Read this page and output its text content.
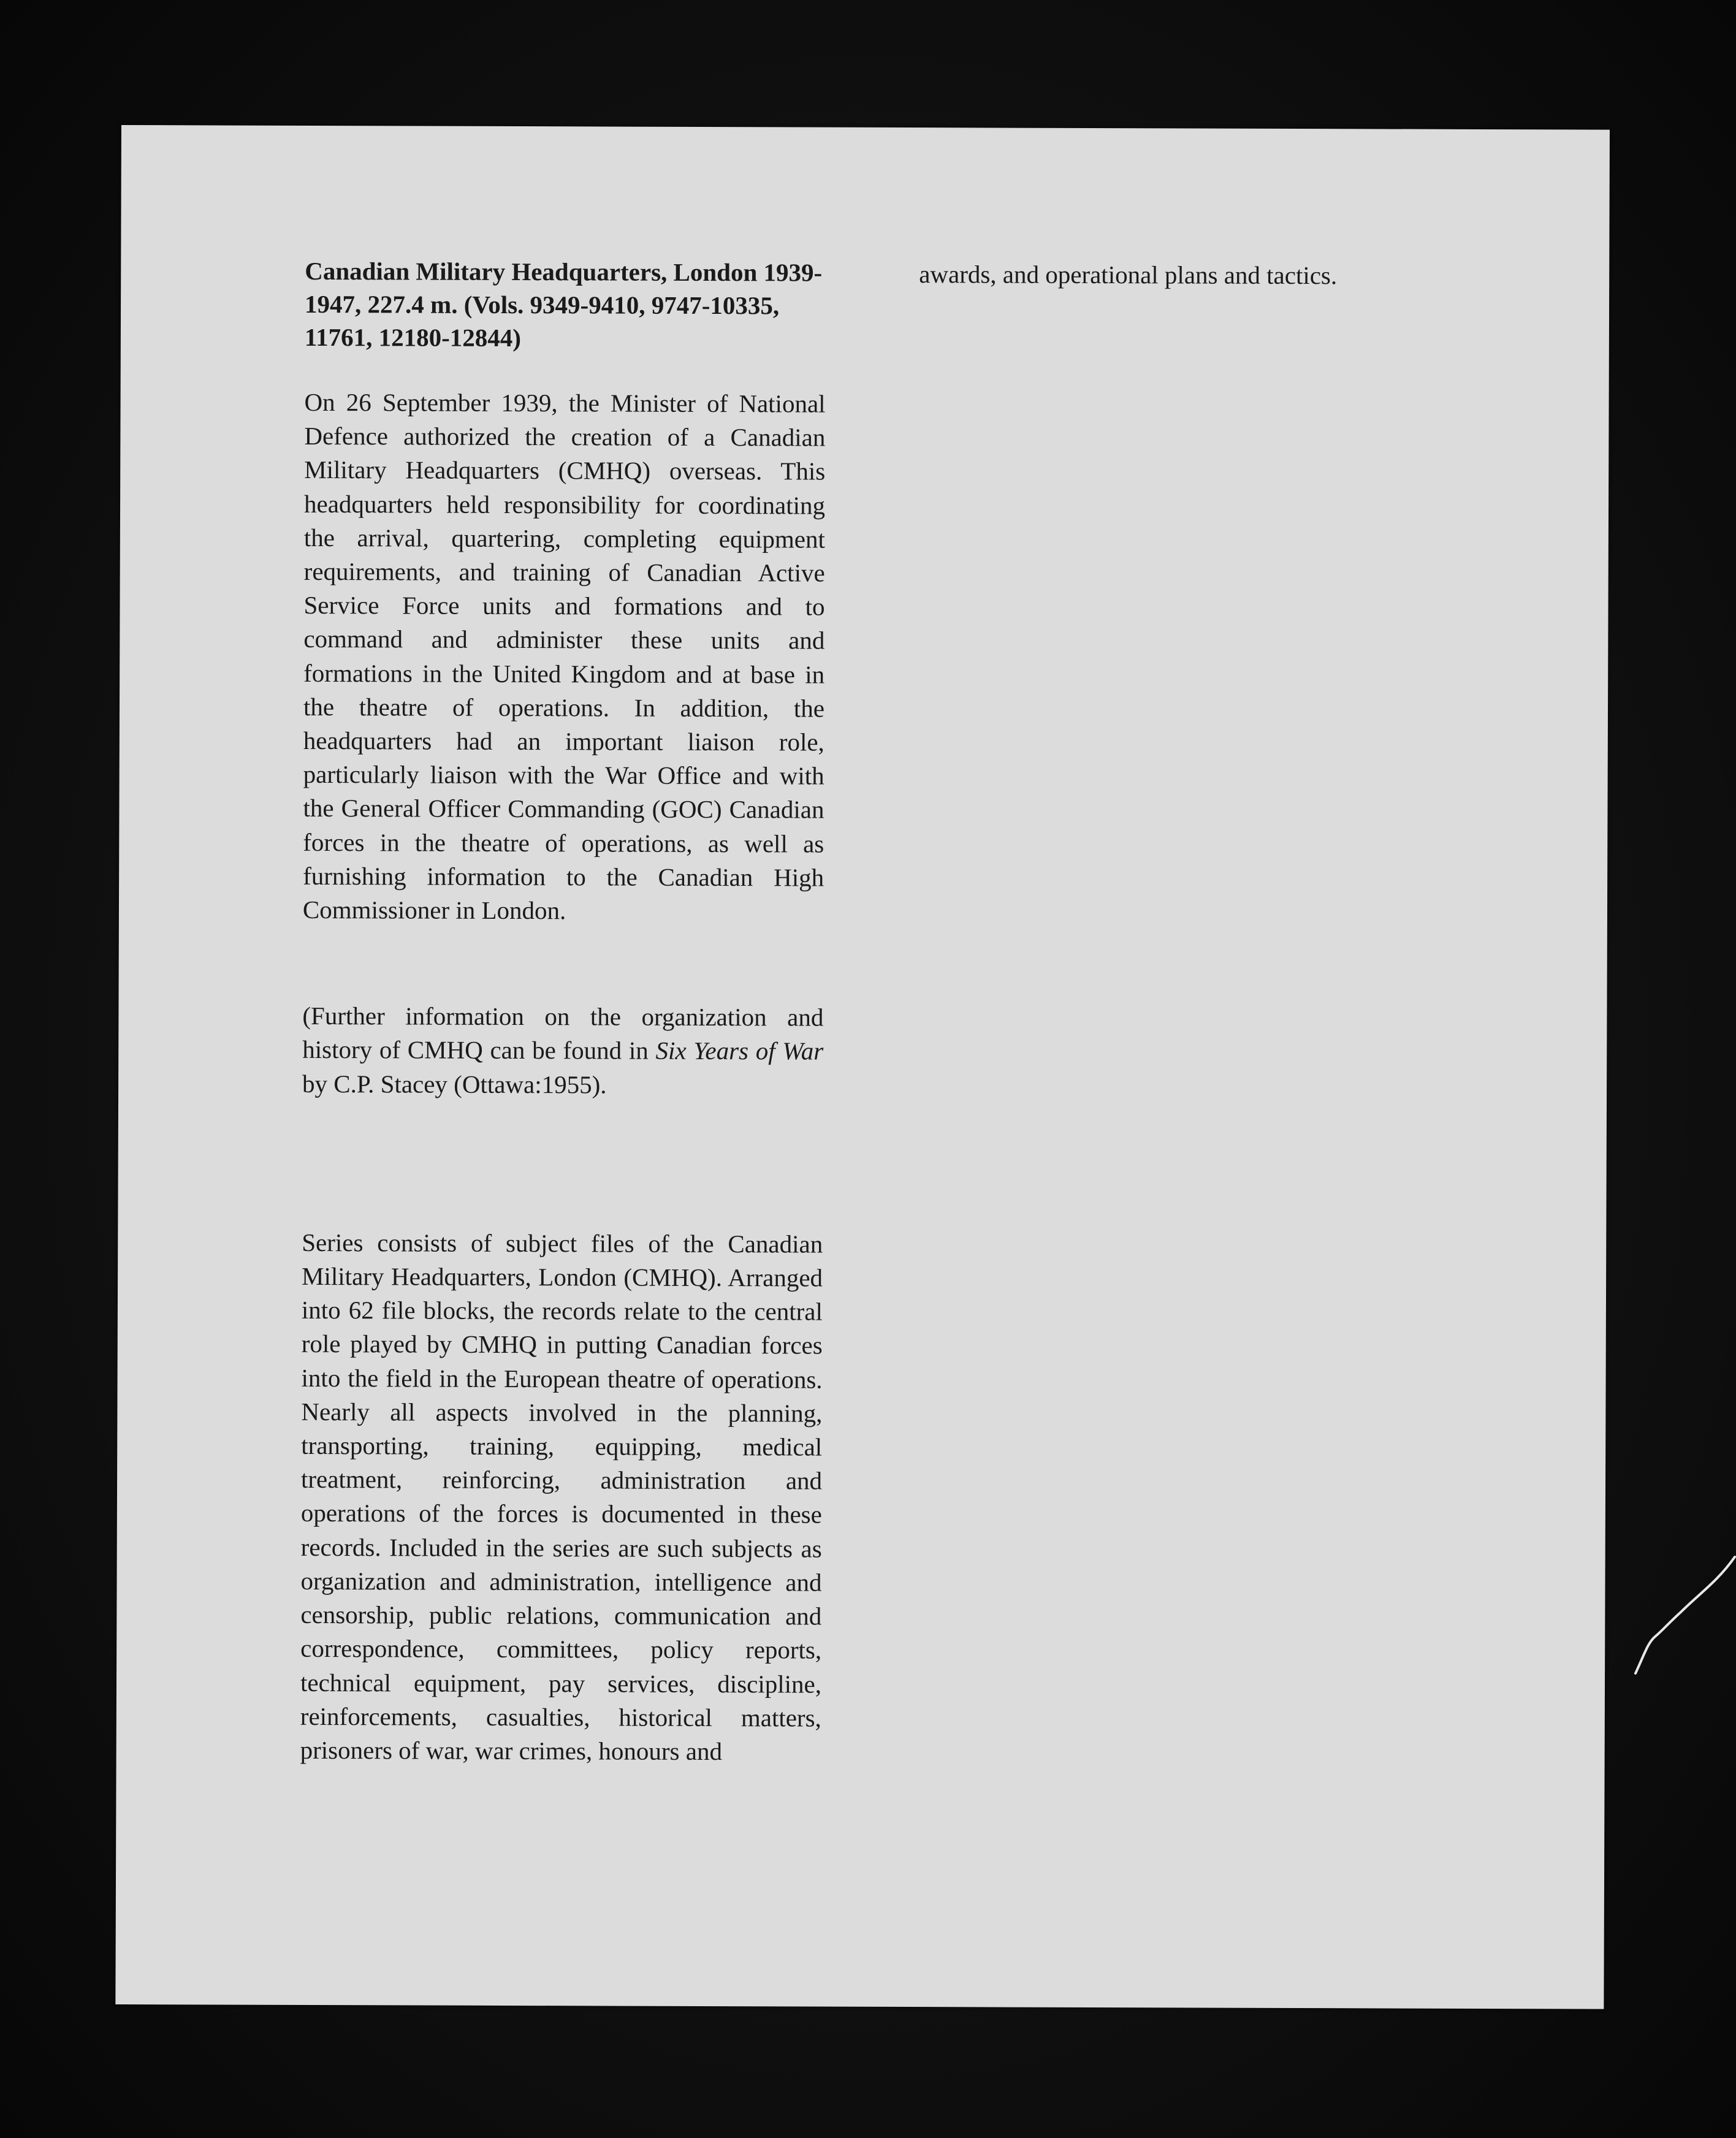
Canadian Military Headquarters, London 1939-1947, 227.4 m. (Vols. 9349-9410, 9747-10335, 11761, 12180-12844)

On 26 September 1939, the Minister of National Defence authorized the creation of a Canadian Military Headquarters (CMHQ) overseas. This headquarters held responsibility for coordinating the arrival, quartering, completing equipment requirements, and training of Canadian Active Service Force units and formations and to command and administer these units and formations in the United Kingdom and at base in the theatre of operations. In addition, the headquarters had an important liaison role, particularly liaison with the War Office and with the General Officer Commanding (GOC) Canadian forces in the theatre of operations, as well as furnishing information to the Canadian High Commissioner in London.

(Further information on the organization and history of CMHQ can be found in Six Years of War by C.P. Stacey (Ottawa:1955).

Series consists of subject files of the Canadian Military Headquarters, London (CMHQ). Arranged into 62 file blocks, the records relate to the central role played by CMHQ in putting Canadian forces into the field in the European theatre of operations. Nearly all aspects involved in the planning, transporting, training, equipping, medical treatment, reinforcing, administration and operations of the forces is documented in these records. Included in the series are such subjects as organization and administration, intelligence and censorship, public relations, communication and correspondence, committees, policy reports, technical equipment, pay services, discipline, reinforcements, casualties, historical matters, prisoners of war, war crimes, honours and

awards, and operational plans and tactics.
